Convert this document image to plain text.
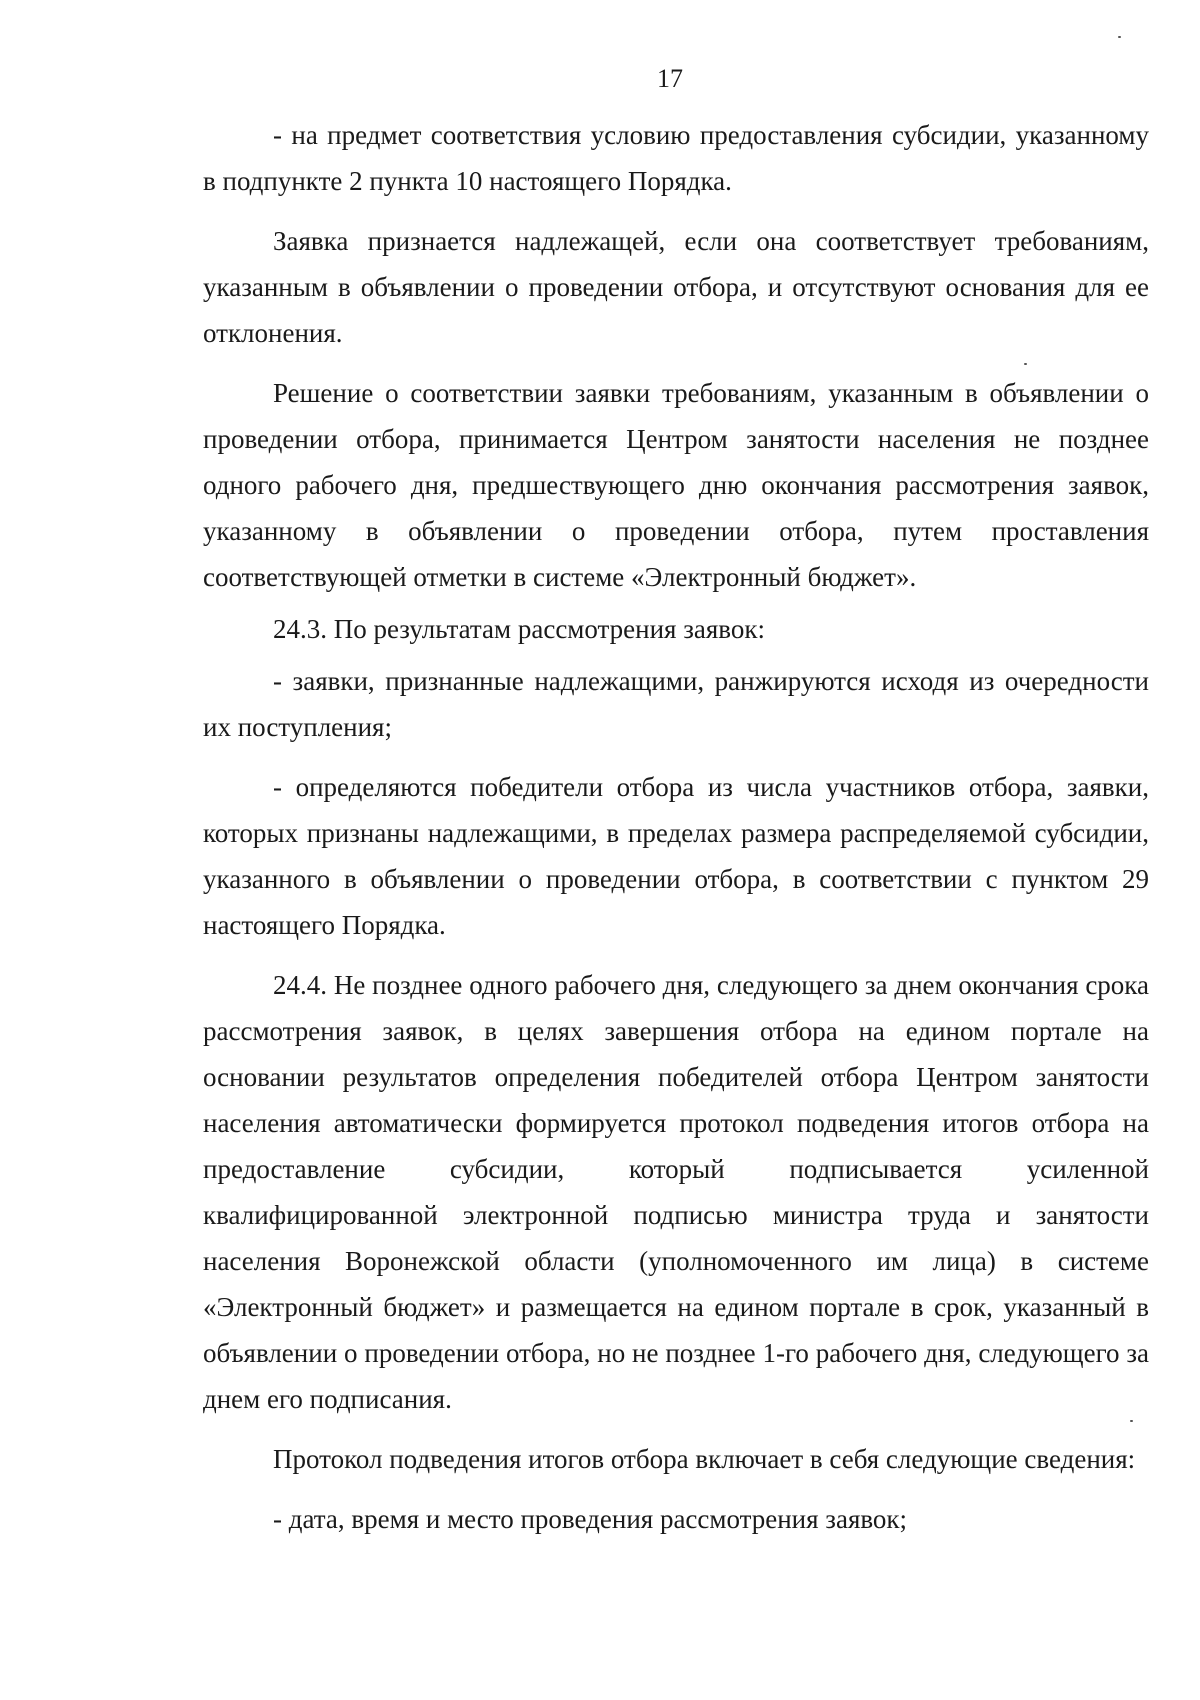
17

- на предмет соответствия условию предоставления субсидии, указанному в подпункте 2 пункта 10 настоящего Порядка.

Заявка признается надлежащей, если она соответствует требованиям, указанным в объявлении о проведении отбора, и отсутствуют основания для ее отклонения.

Решение о соответствии заявки требованиям, указанным в объявлении о проведении отбора, принимается Центром занятости населения не позднее одного рабочего дня, предшествующего дню окончания рассмотрения заявок, указанному в объявлении о проведении отбора, путем проставления соответствующей отметки в системе «Электронный бюджет».

24.3. По результатам рассмотрения заявок:

- заявки, признанные надлежащими, ранжируются исходя из очередности их поступления;

- определяются победители отбора из числа участников отбора, заявки, которых признаны надлежащими, в пределах размера распределяемой субсидии, указанного в объявлении о проведении отбора, в соответствии с пунктом 29 настоящего Порядка.

24.4. Не позднее одного рабочего дня, следующего за днем окончания срока рассмотрения заявок, в целях завершения отбора на едином портале на основании результатов определения победителей отбора Центром занятости населения автоматически формируется протокол подведения итогов отбора на предоставление субсидии, который подписывается усиленной квалифицированной электронной подписью министра труда и занятости населения Воронежской области (уполномоченного им лица) в системе «Электронный бюджет» и размещается на едином портале в срок, указанный в объявлении о проведении отбора, но не позднее 1-го рабочего дня, следующего за днем его подписания.

Протокол подведения итогов отбора включает в себя следующие сведения:

- дата, время и место проведения рассмотрения заявок;
